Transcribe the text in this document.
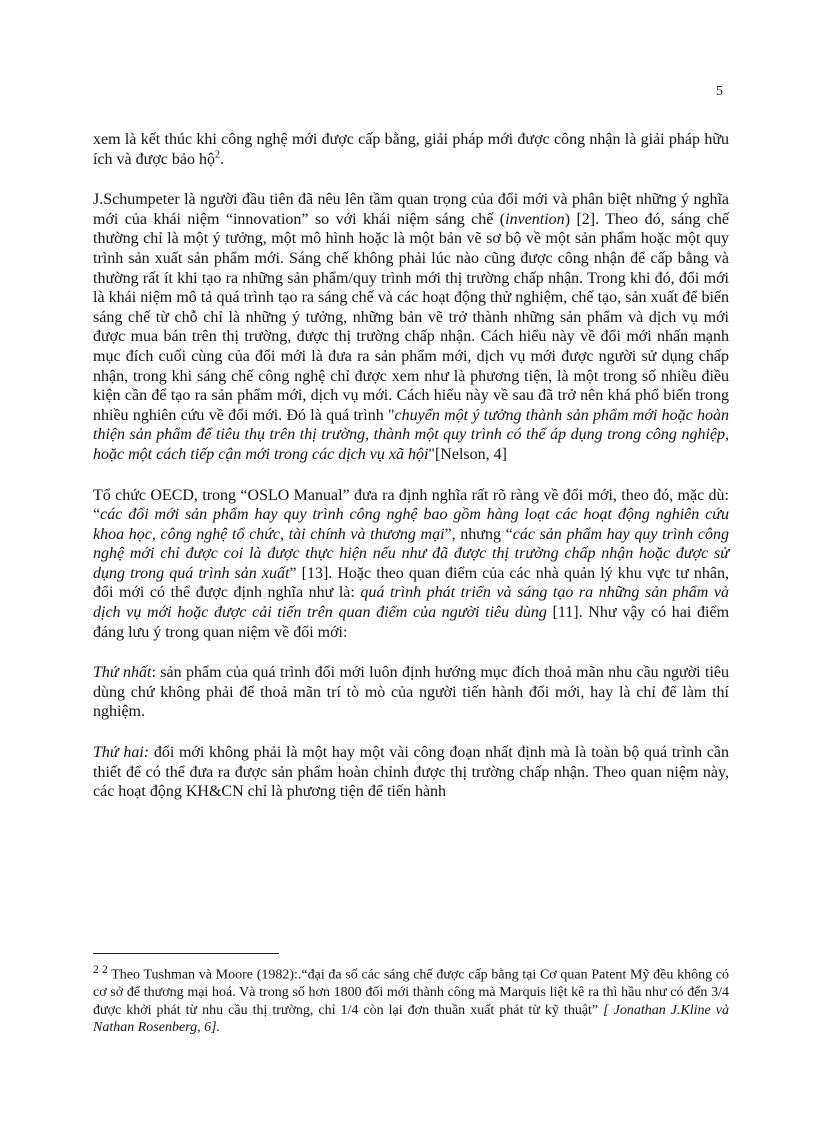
5

xem là kết thúc khi công nghệ mới được cấp bằng, giải pháp mới được công nhận là giải pháp hữu ích và được bảo hộ$^2$.

J.Schumpeter là người đầu tiên đã nêu lên tầm quan trọng của đổi mới và phân biệt những ý nghĩa mới của khái niệm “innovation” so với khái niệm sáng chế (invention) [2]. Theo đó, sáng chế thường chỉ là một ý tưởng, một mô hình hoặc là một bản vẽ sơ bộ về một sản phẩm hoặc một quy trình sản xuất sản phẩm mới. Sáng chế không phải lúc nào cũng được công nhận để cấp bằng và thường rất ít khi tạo ra những sản phẩm/quy trình mới thị trường chấp nhận. Trong khi đó, đổi mới là khái niệm mô tả quá trình tạo ra sáng chế và các hoạt động thử nghiệm, chế tạo, sản xuất để biến sáng chế từ chỗ chỉ là những ý tưởng, những bản vẽ trở thành những sản phẩm và dịch vụ mới được mua bán trên thị trường, được thị trường chấp nhận. Cách hiểu này về đổi mới nhấn mạnh mục đích cuối cùng của đổi mới là đưa ra sản phẩm mới, dịch vụ mới được người sử dụng chấp nhận, trong khi sáng chế công nghệ chỉ được xem như là phương tiện, là một trong số nhiều điều kiện cần để tạo ra sản phẩm mới, dịch vụ mới. Cách hiểu này về sau đã trở nên khá phổ biến trong nhiều nghiên cứu về đổi mới. Đó là quá trình "chuyển một ý tưởng thành sản phẩm mới hoặc hoàn thiện sản phẩm để tiêu thụ trên thị trường, thành một quy trình có thể áp dụng trong công nghiệp, hoặc một cách tiếp cận mới trong các dịch vụ xã hội"[Nelson, 4]

Tổ chức OECD, trong “OSLO Manual” đưa ra định nghĩa rất rõ ràng về đổi mới, theo đó, mặc dù: “các đổi mới sản phẩm hay quy trình công nghệ bao gồm hàng loạt các hoạt động nghiên cứu khoa học, công nghệ tổ chức, tài chính và thương mại”, nhưng “các sản phẩm hay quy trình công nghệ mới chỉ được coi là được thực hiện nếu như đã được thị trường chấp nhận hoặc được sử dụng trong quá trình sản xuất” [13]. Hoặc theo quan điểm của các nhà quản lý khu vực tư nhân, đổi mới có thể được định nghĩa như là: quá trình phát triển và sáng tạo ra những sản phẩm và dịch vụ mới hoặc được cải tiến trên quan điểm của người tiêu dùng [11]. Như vậy có hai điểm đáng lưu ý trong quan niệm về đổi mới:

Thứ nhất: sản phẩm của quá trình đổi mới luôn định hướng mục đích thoả mãn nhu cầu người tiêu dùng chứ không phải để thoả mãn trí tò mò của người tiến hành đổi mới, hay là chỉ để làm thí nghiệm.

Thứ hai: đổi mới không phải là một hay một vài công đoạn nhất định mà là toàn bộ quá trình cần thiết để có thể đưa ra được sản phẩm hoàn chỉnh được thị trường chấp nhận. Theo quan niệm này, các hoạt động KH&CN chỉ là phương tiện để tiến hành

$^{2 2}$ Theo Tushman và Moore (1982):.“đại đa số các sáng chế được cấp bằng tại Cơ quan Patent Mỹ đều không có cơ sở để thương mại hoá. Và trong số hơn 1800 đổi mới thành công mà Marquis liệt kê ra thì hầu như có đến 3/4 được khởi phát từ nhu cầu thị trường, chỉ 1/4 còn lại đơn thuần xuất phát từ kỹ thuật” [ Jonathan J.Kline và Nathan Rosenberg, 6].
